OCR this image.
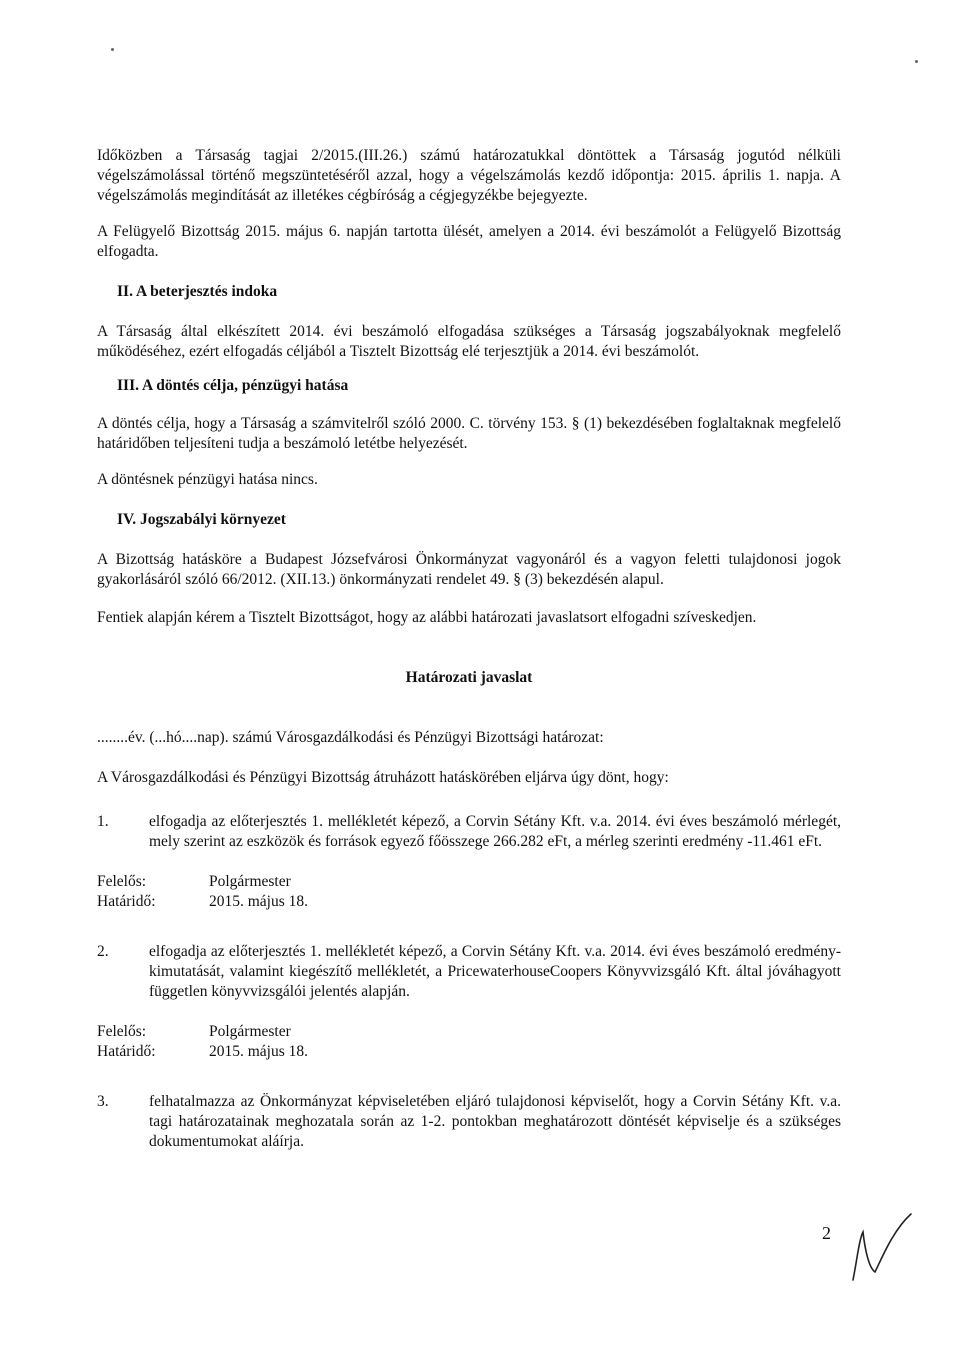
Időközben a Társaság tagjai 2/2015.(III.26.) számú határozatukkal döntöttek a Társaság jogutód nélküli végelszámolással történő megszüntetéséről azzal, hogy a végelszámolás kezdő időpontja: 2015. április 1. napja. A végelszámolás megindítását az illetékes cégbíróság a cégjegyzékbe bejegyezte.

A Felügyelő Bizottság 2015. május 6. napján tartotta ülését, amelyen a 2014. évi beszámolót a Felügyelő Bizottság elfogadta.

II. A beterjesztés indoka

A Társaság által elkészített 2014. évi beszámoló elfogadása szükséges a Társaság jogszabályoknak megfelelő működéséhez, ezért elfogadás céljából a Tisztelt Bizottság elé terjesztjük a 2014. évi beszámolót.

III. A döntés célja, pénzügyi hatása

A döntés célja, hogy a Társaság a számvitelről szóló 2000. C. törvény 153. § (1) bekezdésében foglaltaknak megfelelő határidőben teljesíteni tudja a beszámoló letétbe helyezését.

A döntésnek pénzügyi hatása nincs.

IV. Jogszabályi környezet

A Bizottság hatásköre a Budapest Józsefvárosi Önkormányzat vagyonáról és a vagyon feletti tulajdonosi jogok gyakorlásáról szóló 66/2012. (XII.13.) önkormányzati rendelet 49. § (3) bekezdésén alapul.

Fentiek alapján kérem a Tisztelt Bizottságot, hogy az alábbi határozati javaslatsort elfogadni szíveskedjen.

Határozati javaslat

........év. (...hó....nap). számú Városgazdálkodási és Pénzügyi Bizottsági határozat:

A Városgazdálkodási és Pénzügyi Bizottság átruházott hatáskörében eljárva úgy dönt, hogy:

1.	elfogadja az előterjesztés 1. mellékletét képező, a Corvin Sétány Kft. v.a. 2014. évi éves beszámoló mérlegét, mely szerint az eszközök és források egyező főösszege 266.282 eFt, a mérleg szerinti eredmény -11.461 eFt.
Felelős:	Polgármester
Határidő:	2015. május 18.
2.	elfogadja az előterjesztés 1. mellékletét képező, a Corvin Sétány Kft. v.a. 2014. évi éves beszámoló eredmény-kimutatását, valamint kiegészítő mellékletét, a PricewaterhouseCoopers Könyvvizsgáló Kft. által jóváhagyott független könyvvizsgálói jelentés alapján.
Felelős:	Polgármester
Határidő:	2015. május 18.
3.	felhatalmazza az Önkormányzat képviseletében eljáró tulajdonosi képviselőt, hogy a Corvin Sétány Kft. v.a. tagi határozatainak meghozatala során az 1-2. pontokban meghatározott döntését képviselje és a szükséges dokumentumokat aláírja.
2
